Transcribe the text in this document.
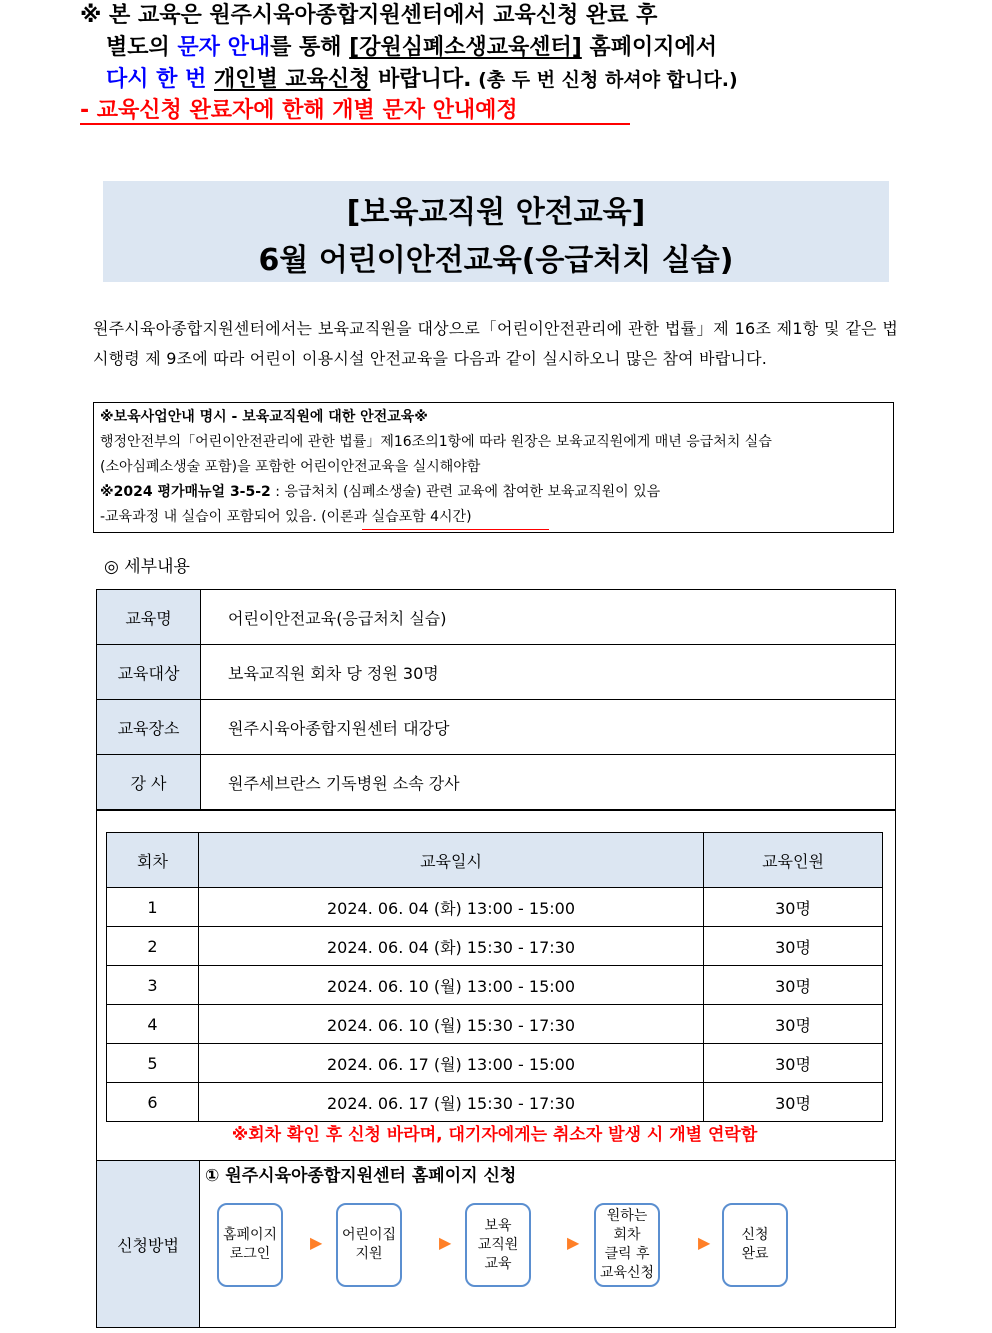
※ 본 교육은 원주시육아종합지원센터에서 교육신청 완료 후
별도의 문자 안내를 통해 [강원심폐소생교육센터] 홈페이지에서
다시 한 번 개인별 교육신청 바랍니다. (총 두 번 신청 하셔야 합니다.)
- 교육신청 완료자에 한해 개별 문자 안내예정
[보육교직원 안전교육]
6월 어린이안전교육(응급처치 실습)
원주시육아종합지원센터에서는 보육교직원을 대상으로「어린이안전관리에 관한 법률」제 16조 제1항 및 같은 법 시행령 제 9조에 따라 어린이 이용시설 안전교육을 다음과 같이 실시하오니 많은 참여 바랍니다.
※보육사업안내 명시 - 보육교직원에 대한 안전교육※
행정안전부의「어린이안전관리에 관한 법률」제16조의1항에 따라 원장은 보육교직원에게 매년 응급처치 실습
(소아심폐소생술 포함)을 포함한 어린이안전교육을 실시해야함
※2024 평가매뉴얼 3-5-2 : 응급처치 (심폐소생술) 관련 교육에 참여한 보육교직원이 있음
-교육과정 내 실습이 포함되어 있음. (이론과 실습포함 4시간)
◎ 세부내용
교육명	어린이안전교육(응급처치 실습)
교육대상	보육교직원 회차 당 정원 30명
교육장소	원주시육아종합지원센터 대강당
강 사	원주세브란스 기독병원 소속 강사
회차	교육일시	교육인원
1	2024. 06. 04 (화) 13:00 - 15:00	30명
2	2024. 06. 04 (화) 15:30 - 17:30	30명
3	2024. 06. 10 (월) 13:00 - 15:00	30명
4	2024. 06. 10 (월) 15:30 - 17:30	30명
5	2024. 06. 17 (월) 13:00 - 15:00	30명
6	2024. 06. 17 (월) 15:30 - 17:30	30명
※회차 확인 후 신청 바라며, 대기자에게는 취소자 발생 시 개별 연락함
신청방법
① 원주시육아종합지원센터 홈페이지 신청
홈페이지
로그인
▶ 어린이집
지원
▶
보육
교직원
교육
▶
원하는
회차
클릭 후
교육신청
▶ 신청
완료
